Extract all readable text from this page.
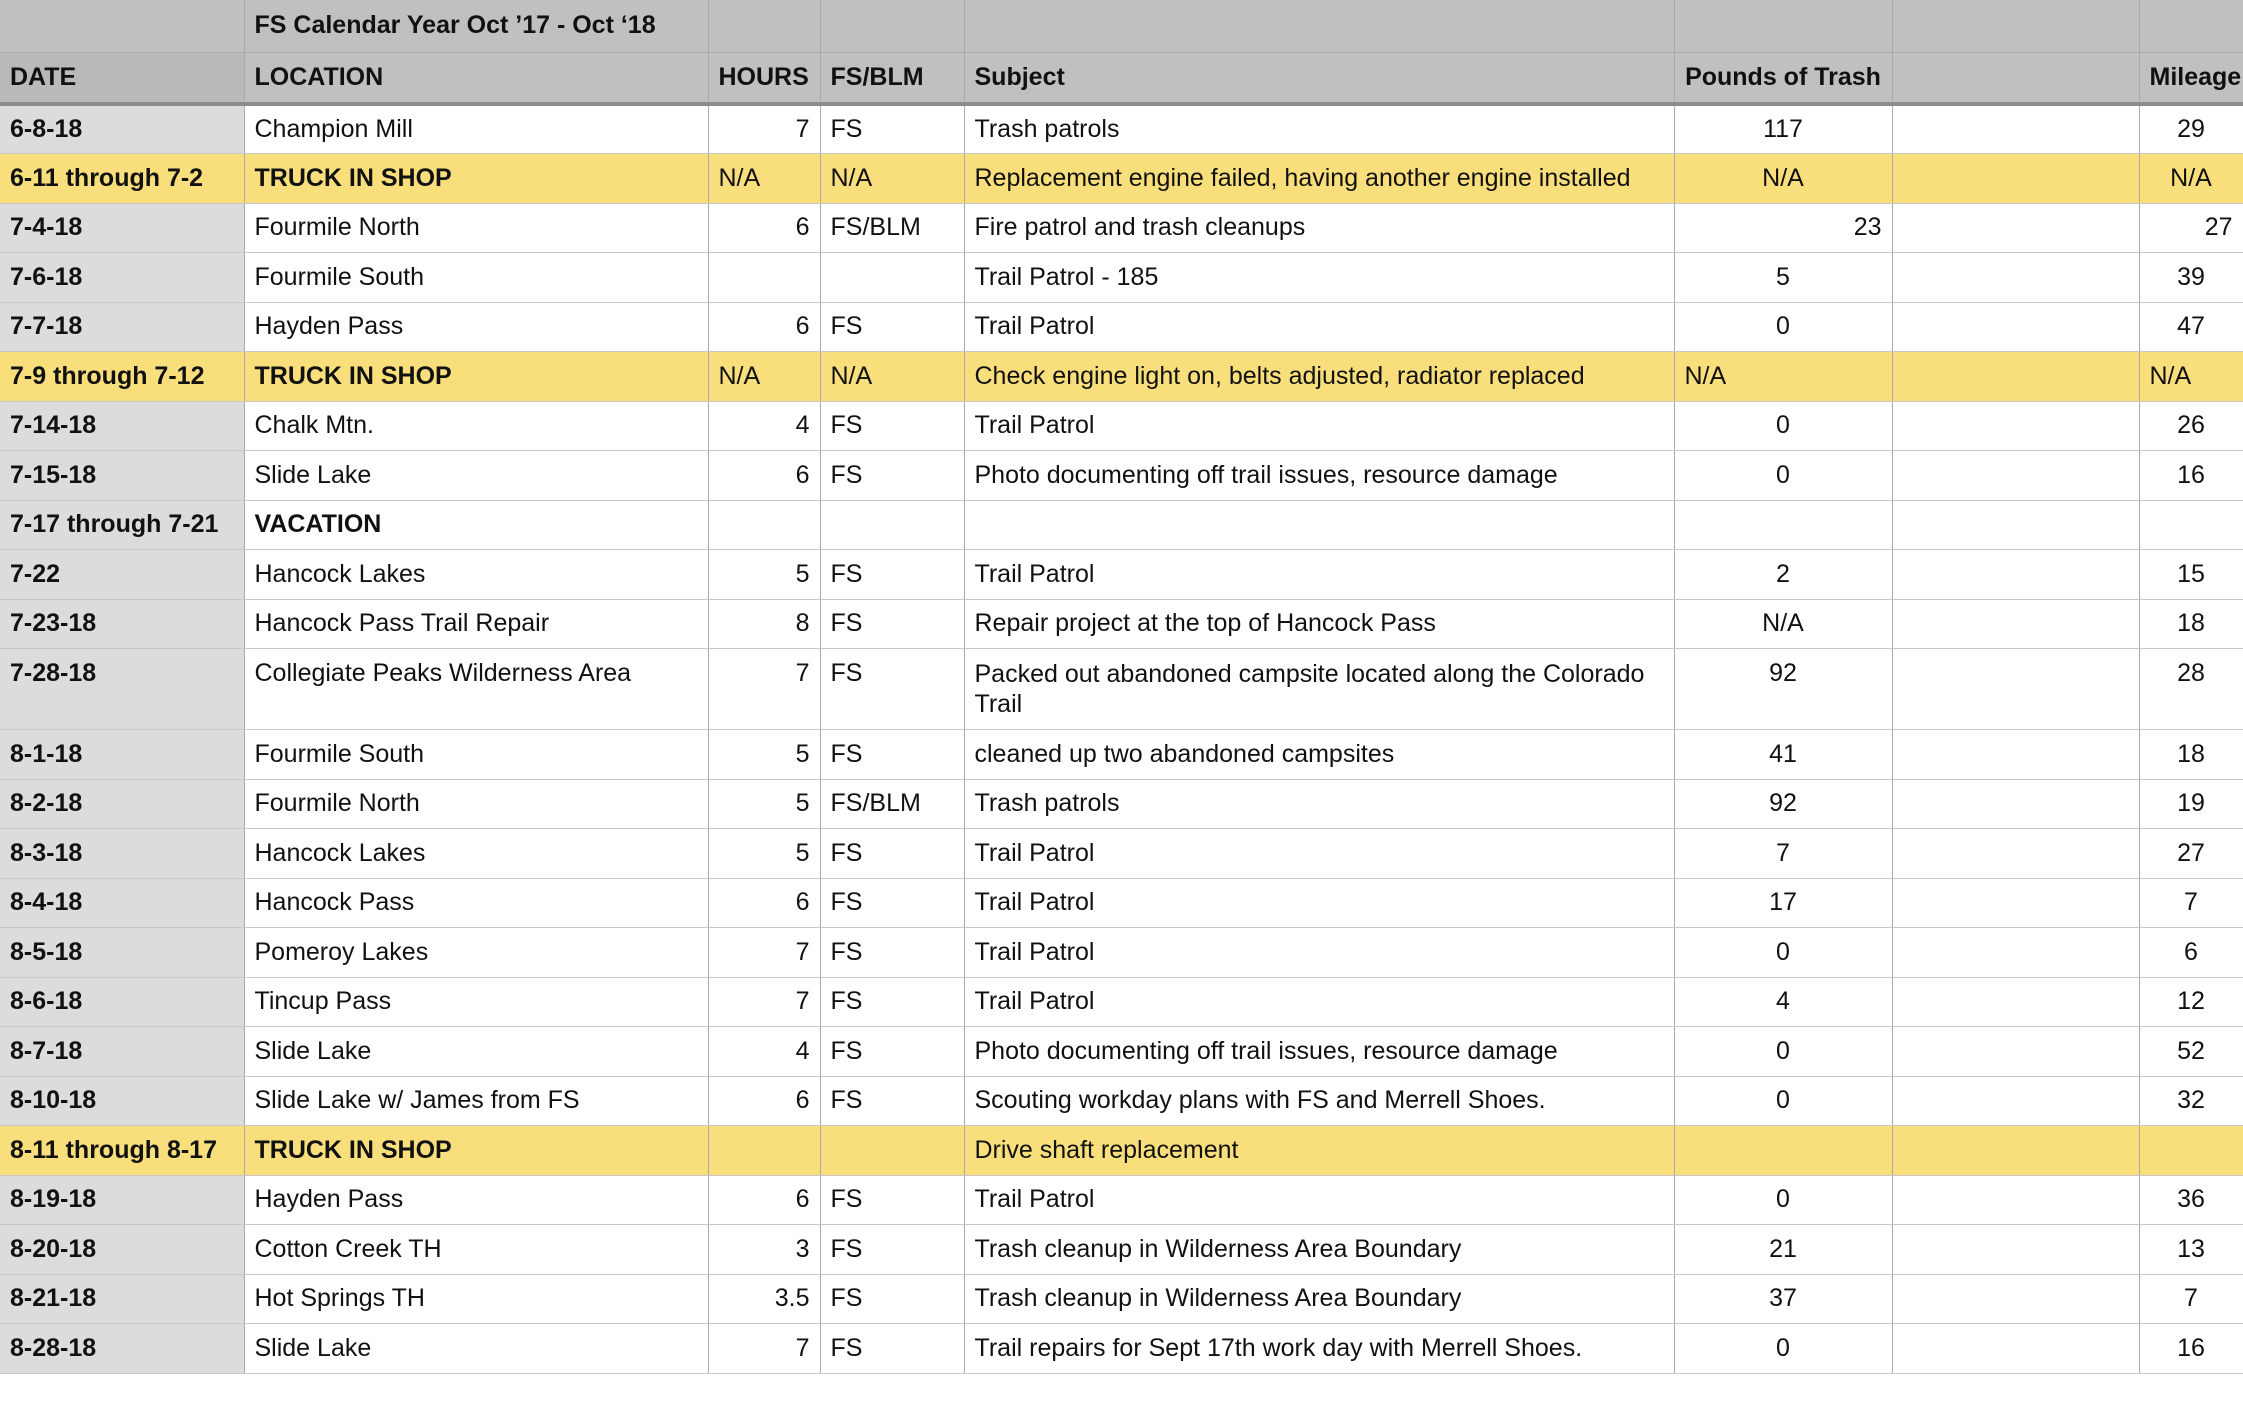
	FS Calendar Year Oct ’17 - Oct ‘18						
DATE	LOCATION	HOURS	FS/BLM	Subject	Pounds of Trash		Mileage
6-8-18	Champion Mill	7	FS	Trash patrols	117		29
6-11 through 7-2	TRUCK IN SHOP	N/A	N/A	Replacement engine failed, having another engine installed	N/A		N/A
7-4-18	Fourmile North	6	FS/BLM	Fire patrol and trash cleanups	23		27
7-6-18	Fourmile South			Trail Patrol - 185	5		39
7-7-18	Hayden Pass	6	FS	Trail Patrol	0		47
7-9 through 7-12	TRUCK IN SHOP	N/A	N/A	Check engine light on, belts adjusted, radiator replaced	N/A		N/A
7-14-18	Chalk Mtn.	4	FS	Trail Patrol	0		26
7-15-18	Slide Lake	6	FS	Photo documenting off trail issues, resource damage	0		16
7-17 through 7-21	VACATION						
7-22	Hancock Lakes	5	FS	Trail Patrol	2		15
7-23-18	Hancock Pass Trail Repair	8	FS	Repair project at the top of Hancock Pass	N/A		18
7-28-18	Collegiate Peaks Wilderness Area	7	FS	Packed out abandoned campsite located along the Colorado Trail	92		28
8-1-18	Fourmile South	5	FS	cleaned up two abandoned campsites	41		18
8-2-18	Fourmile North	5	FS/BLM	Trash patrols	92		19
8-3-18	Hancock Lakes	5	FS	Trail Patrol	7		27
8-4-18	Hancock Pass	6	FS	Trail Patrol	17		7
8-5-18	Pomeroy Lakes	7	FS	Trail Patrol	0		6
8-6-18	Tincup Pass	7	FS	Trail Patrol	4		12
8-7-18	Slide Lake	4	FS	Photo documenting off trail issues, resource damage	0		52
8-10-18	Slide Lake w/ James from FS	6	FS	Scouting workday plans with FS and Merrell Shoes.	0		32
8-11 through 8-17	TRUCK IN SHOP			Drive shaft replacement			
8-19-18	Hayden Pass	6	FS	Trail Patrol	0		36
8-20-18	Cotton Creek TH	3	FS	Trash cleanup in Wilderness Area Boundary	21		13
8-21-18	Hot Springs TH	3.5	FS	Trash cleanup in Wilderness Area Boundary	37		7
8-28-18	Slide Lake	7	FS	Trail repairs for Sept 17th work day with Merrell Shoes.	0		16
